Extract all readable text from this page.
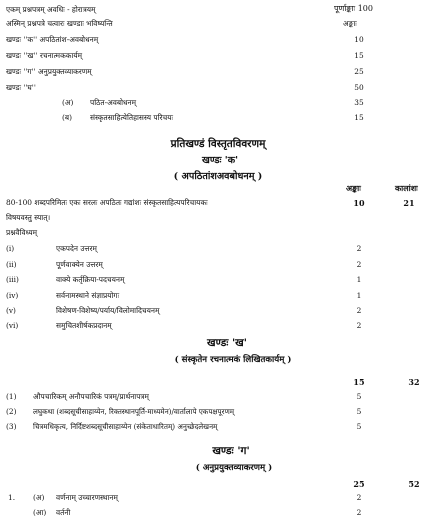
एकम् प्रश्नपत्रम् अवधिः - होरात्रयम्	पूर्णाङ्काः 100
अस्मिन् प्रश्नपत्रे चत्वारः खण्डाः भविष्यन्ति	अङ्काः
खण्डः ''क'' अपठितांश-अवबोधनम्	10
खण्डः ''ख'' रचनात्मककार्यम्	15
खण्डः ''ग'' अनुप्रयुक्तव्याकरणम्	25
खण्डः ''घ''	50
(अ) पठित-अवबोधनम्	35
(ब) संस्कृतसाहित्येतिहासस्य परिचयः	15
प्रतिखण्डं विस्तृतविवरणम्
खण्डः 'क'
( अपठितांशअवबोधनम् )
अङ्काः	कालांशः
80-100 शब्दपरिमितः एकः सरलः अपठितः गद्यांशः संस्कृतसाहित्यपरिचायकः	10	21
विषयवस्तु स्यात्।
प्रश्नवैविध्यम्
(i)	एकपदेन उत्तरम्	2
(ii)	पूर्णवाक्येन उत्तरम्	2
(iii)	वाक्ये कर्तृक्रिया-पदचयनम्	1
(iv)	सर्वनामस्थाने संज्ञाप्रयोगः	1
(v)	विशेषण-विशेष्य/पर्याय/विलोमादिचयनम्	2
(vi)	समुचितशीर्षकप्रदानम्	2
खण्डः 'ख'
( संस्कृतेन रचनात्मकं लिखितकार्यम् )
15	32
(1) औपचारिकम् अनौपचारिकं पत्रम्/प्रार्थनापत्रम्	5
(2) लघुकथा (शब्दसूचीसाहाय्येन, रिक्तस्थानपूर्ति-माध्यमेन)/वार्तालापे एकपक्षपूरणम्	5
(3) चित्रमधिकृत्य, निर्दिष्टशब्दसूचीसाहाय्येन (संकेताधारितम्) अनुच्छेदलेखनम्	5
खण्डः 'ग'
( अनुप्रयुक्तव्याकरणम् )
25	52
1. (अ) वर्णनाम् उच्चारणस्थानम्	2
(आ) वर्तनी	2
